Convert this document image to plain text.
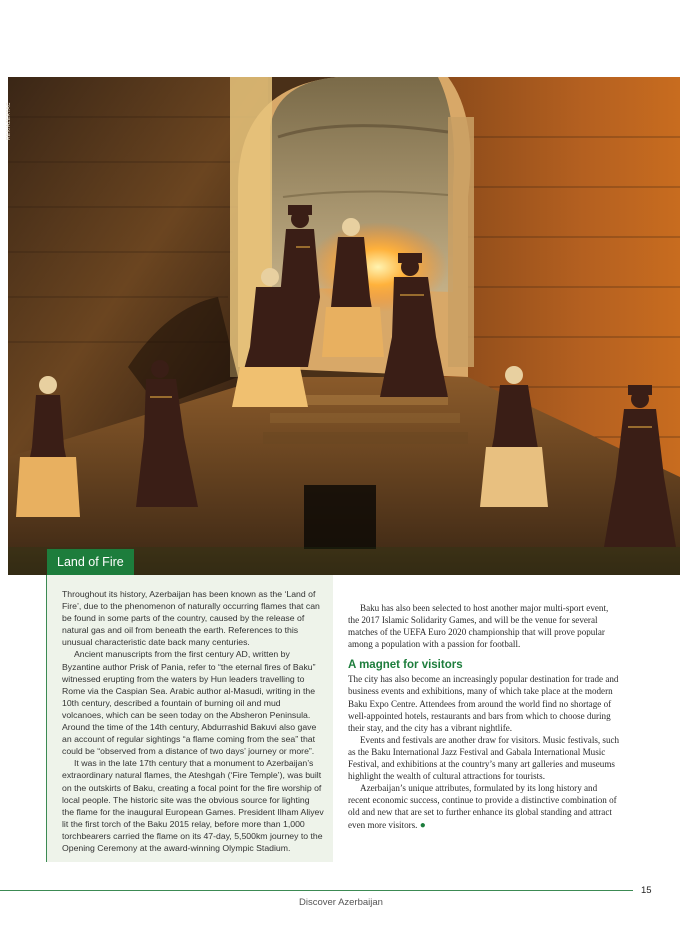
REX/AZERTAC
Land of Fire

Throughout its history, Azerbaijan has been known as the ‘Land of Fire’, due to the phenomenon of naturally occurring flames that can be found in some parts of the country, caused by the release of natural gas and oil from beneath the earth. References to this unusual characteristic date back many centuries.

Ancient manuscripts from the first century AD, written by Byzantine author Prisk of Pania, refer to “the eternal fires of Baku” witnessed erupting from the waters by Hun leaders travelling to Rome via the Caspian Sea. Arabic author al-Masudi, writing in the 10th century, described a fountain of burning oil and mud volcanoes, which can be seen today on the Absheron Peninsula. Around the time of the 14th century, Abdurrashid Bakuvi also gave an account of regular sightings “a flame coming from the sea” that could be “observed from a distance of two days’ journey or more”.

It was in the late 17th century that a monument to Azerbaijan’s extraordinary natural flames, the Ateshgah (‘Fire Temple’), was built on the outskirts of Baku, creating a focal point for the fire worship of local people. The historic site was the obvious source for lighting the flame for the inaugural European Games. President Ilham Aliyev lit the first torch of the Baku 2015 relay, before more than 1,000 torchbearers carried the flame on its 47-day, 5,500km journey to the Opening Ceremony at the award-winning Olympic Stadium.

Baku has also been selected to host another major multi-sport event, the 2017 Islamic Solidarity Games, and will be the venue for several matches of the UEFA Euro 2020 championship that will prove popular among a population with a passion for football.

A magnet for visitors

The city has also become an increasingly popular destination for trade and business events and exhibitions, many of which take place at the modern Baku Expo Centre. Attendees from around the world find no shortage of well-appointed hotels, restaurants and bars from which to choose during their stay, and the city has a vibrant nightlife.

Events and festivals are another draw for visitors. Music festivals, such as the Baku International Jazz Festival and Gabala International Music Festival, and exhibitions at the country’s many art galleries and museums highlight the wealth of cultural attractions for tourists.

Azerbaijan’s unique attributes, formulated by its long history and recent economic success, continue to provide a distinctive combination of old and new that are set to further enhance its global standing and attract even more visitors. ●

15
Discover Azerbaijan
